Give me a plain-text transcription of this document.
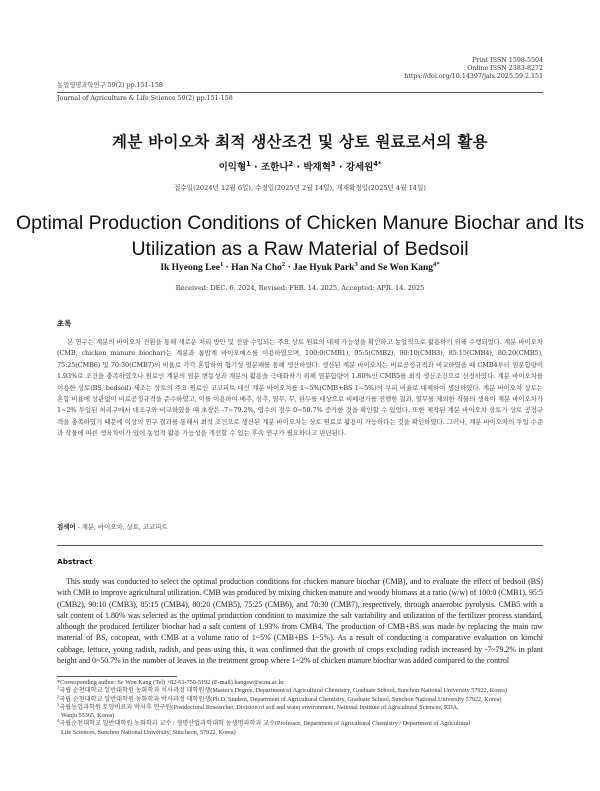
Print ISSN 1598-5504
Online ISSN 2383-8272
https://doi.org/10.14397/jals.2025.59.2.151
농업생명과학연구 59(2) pp.151-158
Journal of Agriculture & Life Science 59(2) pp.151-158
계분 바이오차 최적 생산조건 및 상토 원료로서의 활용
이익형$^1$ · 조한나$^2$ · 박재혁$^3$ · 강세원$^{4*}$
접수일(2024년 12월 6일), 수정일(2025년 2월 14일), 게재확정일(2025년 4월 14일)
Optimal Production Conditions of Chicken Manure Biochar and Its
Utilization as a Raw Material of Bedsoil
Ik Hyeong Lee$^1$ · Han Na Cho$^2$ · Jae Hyuk Park$^3$ and Se Won Kang$^{4*}$
Received: DEC. 6. 2024, Revised: FEB. 14. 2025, Accepted: APR. 14. 2025
초록
본 연구는 계분의 바이오차 전환을 통해 새로운 처리 방안 및 전량 수입되는 주요 상토 원료의 대체 가능성을 확인하고 농업적으로 활용하기 위해 수행되었다. 계분 바이오차(CMB, chicken manure biochar)는 계분과 톱밥계 바이오매스를 이용하였으며, 100:0(CMB1), 95:5(CMB2), 90:10(CMB3), 85:15(CMB4), 80:20(CMB5), 75:25(CMB6) 및 70:30(CMB7)의 비율로 각각 혼합하여 혐기성 열분해를 통해 생산하였다. 생산된 계분 바이오차는 비료공정규격과 비교하였을 때 CMB4부터 염분함량이 1.93%로 조건을 충족하였으나 원료인 계분의 염분 변동성과 계분의 활용을 극대화하기 위해 염분함량이 1.80%인 CMB5를 최적 생산조건으로 선정하였다. 계분 바이오차를 이용한 상토(BS, bedsoil) 제조는 상토의 주요 원료인 코코피트 대신 계분 바이오차를 1~5%(CMB+BS 1~5%)의 부피 비율로 대체하여 생산하였다. 계분 바이오차 상토는 혼합 비율에 상관없이 비료공정규격을 준수하였고, 이를 이용하여 배추, 상추, 열무, 무, 완두를 대상으로 비배평가를 진행한 결과, 열무를 제외한 작물의 생육이 계분 바이오차가 1~2% 투입된 처리구에서 대조구와 비교하였을 때 초장은 -7~79.2%, 엽수의 경우 0~50.7% 증가한 것을 확인할 수 있었다. 또한 제작된 계분 바이오차 상토가 상토 공정규격을 충족하였기 때문에 이상의 연구 결과를 통해서 최적 조건으로 생산된 계분 바이오차는 상토 원료로 활용이 가능하다는 것을 확인하였다. 그러나, 계분 바이오차의 투입 수준과 작물에 따른 생육차이가 있어 농업적 활용 가능성을 개선할 수 있는 후속 연구가 필요하다고 판단된다.
검색어 - 계분, 바이오차, 상토, 코코피트
Abstract
This study was conducted to select the optimal production conditions for chicken manure biochar (CMB), and to evaluate the effect of bedsoil (BS) with CMB to improve agricultural utilization. CMB was produced by mixing chicken manure and woody biomass at a ratio (w/w) of 100:0 (CMB1), 95:5 (CMB2), 90:10 (CMB3), 85:15 (CMB4), 80:20 (CMB5), 75:25 (CMB6), and 70:30 (CMB7), respectively, through anaerobic pyrolysis. CMB5 with a salt content of 1.80% was selected as the optimal production condition to maximize the salt variability and utilization of the fertilizer process standard, although the produced fertilizer biochar had a salt content of 1.93% from CMB4. The production of CMB+BS was made by replacing the main raw material of BS, cocopeat, with CMB at a volume ratio of 1~5% (CMB+BS 1~5%). As a result of conducting a comparative evaluation on kimchi cabbage, lettuce, young radish, radish, and peas using this, it was confirmed that the growth of crops excluding radish increased by -7~79.2% in plant height and 0~50.7% in the number of leaves in the treatment group where 1~2% of chicken manure biochar was added compared to the control

*Corresponding author: Se Won Kang (Tel) +82-61-750-5192 (E-mail) kangsw@scnu.ac.kr

$^1$국립 순천대학교 일반대학원 농화학과 석사과정 대학원생(Master's Degree, Department of Agricultural Chemistry, Graduate School, Sunchon National University 57922, Korea)

$^2$국립 순천대학교 일반대학원 농화학과 박사과정 대학원생(Ph.D. Student, Department of Agricultural Chemistry, Graduate School, Sunchon National University 57922, Korea)

$^3$국립농업과학원 토양비료과 박사후 연구원(Postdoctoral Researcher, Division of soil and water environment, National Institute of Agricultural Sciences, RDA,

Wanju 55365, Korea)

$^4$국립순천대학교 일반대학원 농화학과 교수 / 생명산업과학대학 농생명과학과 교수(Professor, Department of Agricultural Chemistry / Department of Agricultural

Life Sciences, Sunchon National University, Suncheon, 57922, Korea)
